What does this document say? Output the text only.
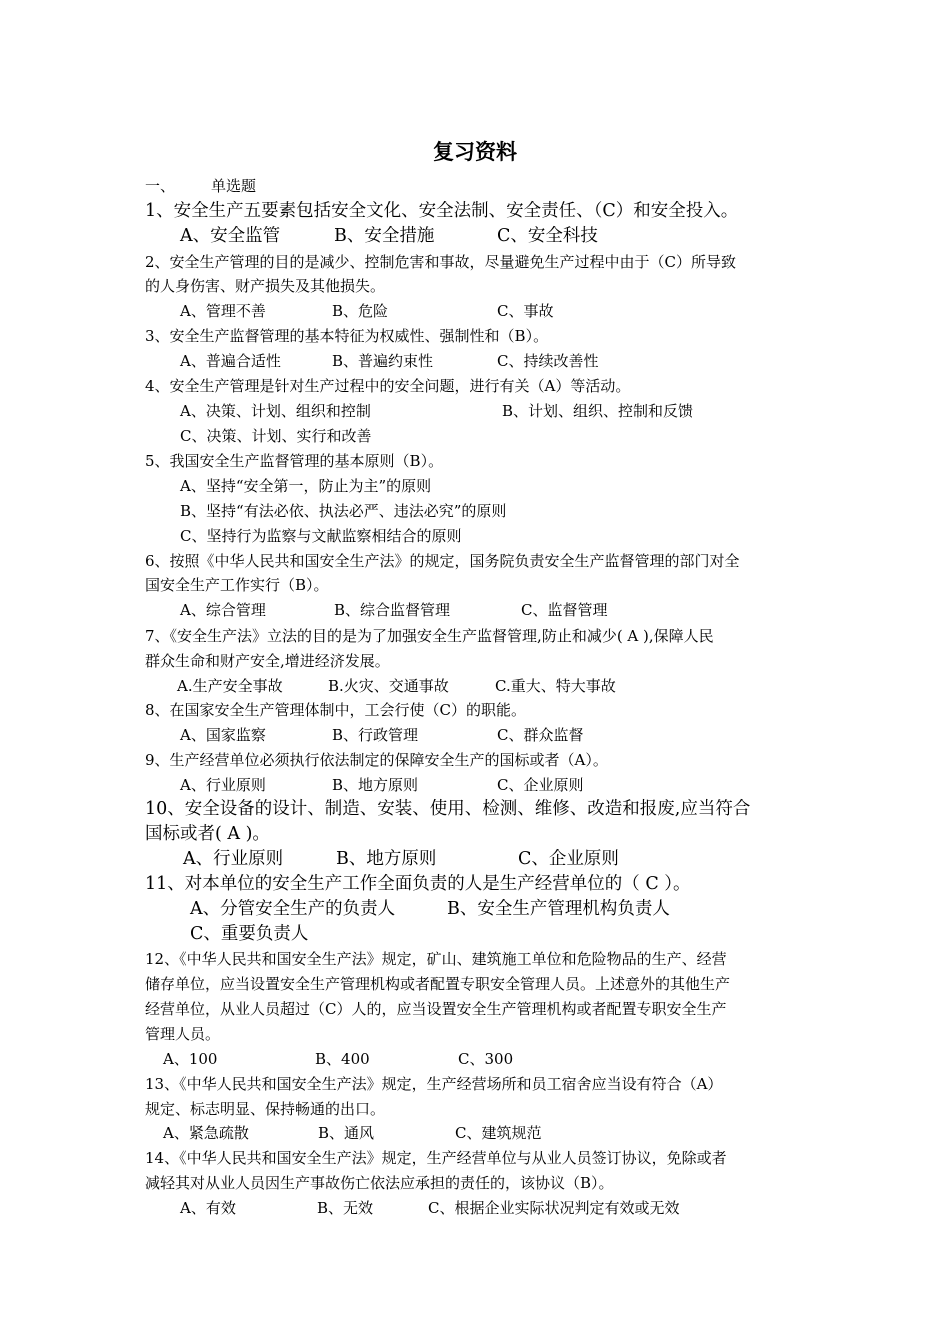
复习资料
一、 单选题
1、安全生产五要素包括安全文化、安全法制、安全责任、（C）和安全投入。
A、安全监管	B、安全措施	C、安全科技
2、安全生产管理的目的是减少、控制危害和事故，尽量避免生产过程中由于（C）所导致
的人身伤害、财产损失及其他损失。
A、管理不善	B、危险	C、事故
3、安全生产监督管理的基本特征为权威性、强制性和（B）。
A、普遍合适性	B、普遍约束性	C、持续改善性
4、安全生产管理是针对生产过程中的安全问题，进行有关（A）等活动。
A、决策、计划、组织和控制	B、计划、组织、控制和反馈
C、决策、计划、实行和改善
5、我国安全生产监督管理的基本原则（B）。
A、坚持“安全第一，防止为主”的原则
B、坚持“有法必依、执法必严、违法必究”的原则
C、坚持行为监察与文献监察相结合的原则
6、按照《中华人民共和国安全生产法》的规定，国务院负责安全生产监督管理的部门对全
国安全生产工作实行（B）。
A、综合管理	B、综合监督管理	C、监督管理
7、《安全生产法》立法的目的是为了加强安全生产监督管理,防止和减少( A ),保障人民
群众生命和财产安全,增进经济发展。
A.生产安全事故	B.火灾、交通事故	C.重大、特大事故
8、在国家安全生产管理体制中，工会行使（C）的职能。
A、国家监察	B、行政管理	C、群众监督
9、生产经营单位必须执行依法制定的保障安全生产的国标或者（A）。
A、行业原则	B、地方原则	C、企业原则
10、安全设备的设计、制造、安装、使用、检测、维修、改造和报废,应当符合
国标或者( A )。
A、行业原则	B、地方原则	C、企业原则
11、对本单位的安全生产工作全面负责的人是生产经营单位的（ C ）。
A、分管安全生产的负责人	B、安全生产管理机构负责人
C、重要负责人
12、《中华人民共和国安全生产法》规定，矿山、建筑施工单位和危险物品的生产、经营
储存单位，应当设置安全生产管理机构或者配置专职安全管理人员。上述意外的其他生产
经营单位，从业人员超过（C）人的，应当设置安全生产管理机构或者配置专职安全生产
管理人员。
A、100	B、400	C、300
13、《中华人民共和国安全生产法》规定，生产经营场所和员工宿舍应当设有符合（A）
规定、标志明显、保持畅通的出口。
A、紧急疏散	B、通风	C、建筑规范
14、《中华人民共和国安全生产法》规定，生产经营单位与从业人员签订协议，免除或者
减轻其对从业人员因生产事故伤亡依法应承担的责任的，该协议（B）。
A、有效	B、无效	C、根据企业实际状况判定有效或无效
